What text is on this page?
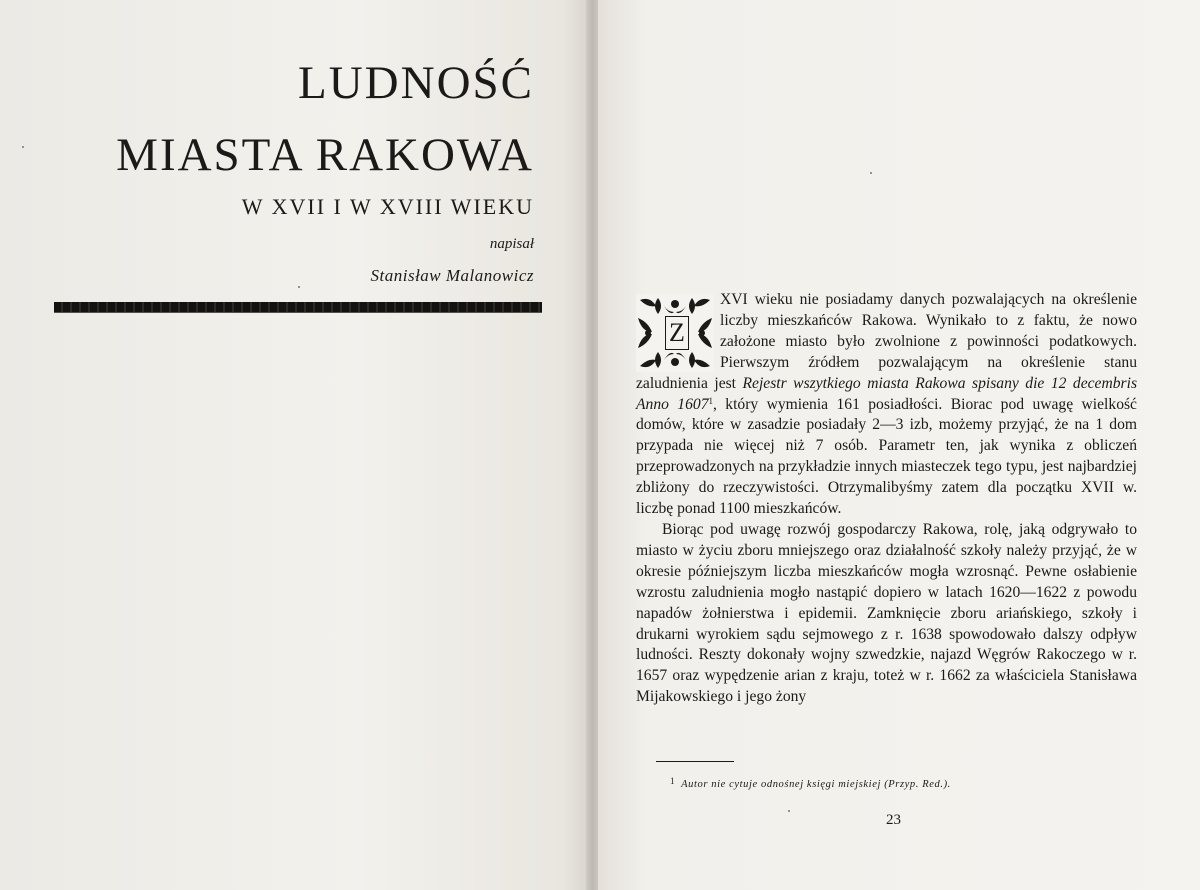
LUDNOŚĆ
MIASTA RAKOWA
W XVII I W XVIII WIEKU
napisał
Stanisław Malanowicz

Z
XVI wieku nie posiadamy danych pozwalających na określenie liczby mieszkańców Rakowa. Wynikało to z faktu, że nowo założone miasto było zwolnione z powinności podatkowych. Pierwszym źródłem pozwalającym na określenie stanu zaludnienia jest Rejestr wszytkiego miasta Rakowa spisany die 12 decembris Anno 1607$^1$, który wymienia 161 posiadłości. Biorac pod uwagę wielkość domów, które w zasadzie posiadały 2—3 izb, możemy przyjąć, że na 1 dom przypada nie więcej niż 7 osób. Parametr ten, jak wynika z obliczeń przeprowadzonych na przykładzie innych miasteczek tego typu, jest najbardziej zbliżony do rzeczywistości. Otrzymalibyśmy zatem dla początku XVII w. liczbę ponad 1100 mieszkańców.

Biorąc pod uwagę rozwój gospodarczy Rakowa, rolę, jaką odgrywało to miasto w życiu zboru mniejszego oraz działalność szkoły należy przyjąć, że w okresie późniejszym liczba mieszkańców mogła wzrosnąć. Pewne osłabienie wzrostu zaludnienia mogło nastąpić dopiero w latach 1620—1622 z powodu napadów żołnierstwa i epidemii. Zamknięcie zboru ariańskiego, szkoły i drukarni wyrokiem sądu sejmowego z r. 1638 spowodowało dalszy odpływ ludności. Reszty dokonały wojny szwedzkie, najazd Węgrów Rakoczego w r. 1657 oraz wypędzenie arian z kraju, toteż w r. 1662 za właściciela Stanisława Mijakowskiego i jego żony

1 Autor nie cytuje odnośnej księgi miejskiej (Przyp. Red.).
23
